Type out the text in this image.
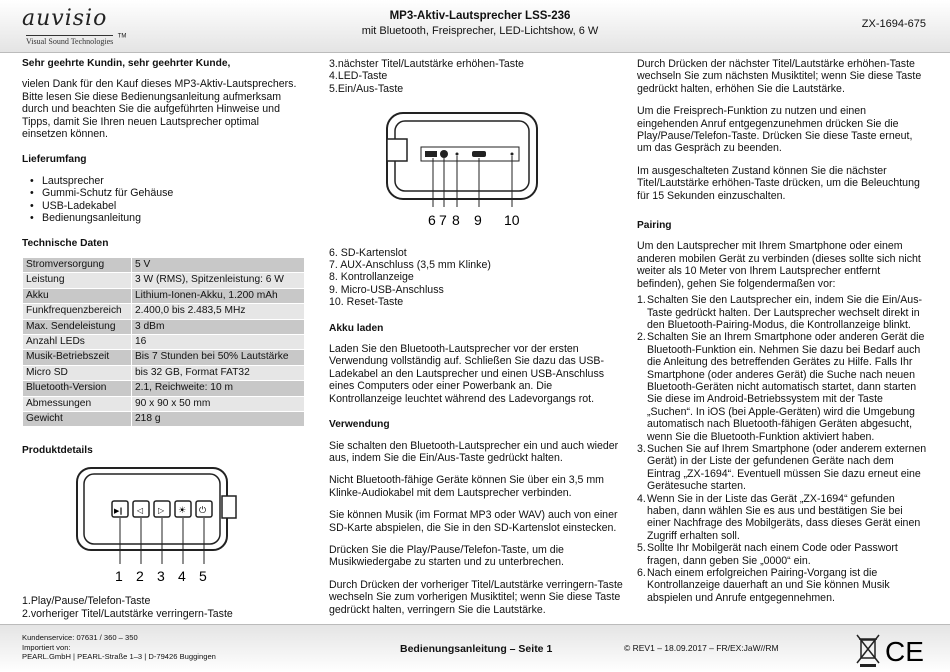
auvisio
Visual Sound Technologies ™
MP3-Aktiv-Lautsprecher LSS-236
mit Bluetooth, Freisprecher, LED-Lichtshow, 6 W
ZX-1694-675
Sehr geehrte Kundin, sehr geehrter Kunde,

vielen Dank für den Kauf dieses MP3-Aktiv-Lautsprechers. Bitte lesen Sie diese Bedienungsanleitung aufmerksam durch und beachten Sie die aufgeführten Hinweise und Tipps, damit Sie Ihren neuen Lautsprecher optimal einsetzen können.

Lieferumfang
• Lautsprecher
• Gummi-Schutz für Gehäuse
• USB-Ladekabel
• Bedienungsanleitung
Technische Daten
Stromversorgung	5 V
Leistung	3 W (RMS), Spitzenleistung: 6 W
Akku	Lithium-Ionen-Akku, 1.200 mAh
Funkfrequenzbereich	2.400,0 bis 2.483,5 MHz
Max. Sendeleistung	3 dBm
Anzahl LEDs	16
Musik-Betriebszeit	Bis 7 Stunden bei 50% Lautstärke
Micro SD	bis 32 GB, Format FAT32
Bluetooth-Version	2.1, Reichweite: 10 m
Abmessungen	90 x 90 x 50 mm
Gewicht	218 g
Produktdetails
▶‖ ◁ ▷ ☀ ⏻
1 2 3 4 5
1.Play/Pause/Telefon-Taste
2.vorheriger Titel/Lautstärke verringern-Taste
3.nächster Titel/Lautstärke erhöhen-Taste
4.LED-Taste
5.Ein/Aus-Taste
6 7 8 9 10
6. SD-Kartenslot
7. AUX-Anschluss (3,5 mm Klinke)
8. Kontrollanzeige
9. Micro-USB-Anschluss
10. Reset-Taste
Akku laden

Laden Sie den Bluetooth-Lautsprecher vor der ersten Verwendung vollständig auf. Schließen Sie dazu das USB-Ladekabel an den Lautsprecher und einen USB-Anschluss eines Computers oder einer Powerbank an. Die Kontrollanzeige leuchtet während des Ladevorgangs rot.

Verwendung

Sie schalten den Bluetooth-Lautsprecher ein und auch wieder aus, indem Sie die Ein/Aus-Taste gedrückt halten.

Nicht Bluetooth-fähige Geräte können Sie über ein 3,5 mm Klinke-Audiokabel mit dem Lautsprecher verbinden.

Sie können Musik (im Format MP3 oder WAV) auch von einer SD-Karte abspielen, die Sie in den SD-Kartenslot einstecken.

Drücken Sie die Play/Pause/Telefon-Taste, um die Musikwiedergabe zu starten und zu unterbrechen.

Durch Drücken der vorheriger Titel/Lautstärke verringern-Taste wechseln Sie zum vorherigen Musiktitel; wenn Sie diese Taste gedrückt halten, verringern Sie die Lautstärke.

Durch Drücken der nächster Titel/Lautstärke erhöhen-Taste wechseln Sie zum nächsten Musiktitel; wenn Sie diese Taste gedrückt halten, erhöhen Sie die Lautstärke.

Um die Freisprech-Funktion zu nutzen und einen eingehenden Anruf entgegenzunehmen drücken Sie die Play/Pause/Telefon-Taste. Drücken Sie diese Taste erneut, um das Gespräch zu beenden.

Im ausgeschalteten Zustand können Sie die nächster Titel/Lautstärke erhöhen-Taste drücken, um die Beleuchtung für 15 Sekunden einzuschalten.

Pairing

Um den Lautsprecher mit Ihrem Smartphone oder einem anderen mobilen Gerät zu verbinden (dieses sollte sich nicht weiter als 10 Meter von Ihrem Lautsprecher entfernt befinden), gehen Sie folgendermaßen vor:

1. Schalten Sie den Lautsprecher ein, indem Sie die Ein/Aus-Taste gedrückt halten. Der Lautsprecher wechselt direkt in den Bluetooth-Pairing-Modus, die Kontrollanzeige blinkt.
2. Schalten Sie an Ihrem Smartphone oder anderen Gerät die Bluetooth-Funktion ein. Nehmen Sie dazu bei Bedarf auch die Anleitung des betreffenden Gerätes zu Hilfe. Falls Ihr Smartphone (oder anderes Gerät) die Suche nach neuen Bluetooth-Geräten nicht automatisch startet, dann starten Sie diese im Android-Betriebssystem mit der Taste „Suchen“. In iOS (bei Apple-Geräten) wird die Umgebung automatisch nach Bluetooth-fähigen Geräten abgesucht, wenn Sie die Bluetooth-Funktion aktiviert haben.
3. Suchen Sie auf Ihrem Smartphone (oder anderem externen Gerät) in der Liste der gefundenen Geräte nach dem Eintrag „ZX-1694“. Eventuell müssen Sie dazu erneut eine Gerätesuche starten.
4. Wenn Sie in der Liste das Gerät „ZX-1694“ gefunden haben, dann wählen Sie es aus und bestätigen Sie bei einer Nachfrage des Mobilgeräts, dass dieses Gerät einen Zugriff erhalten soll.
5. Sollte Ihr Mobilgerät nach einem Code oder Passwort fragen, dann geben Sie „0000“ ein.
6. Nach einem erfolgreichen Pairing-Vorgang ist die Kontrollanzeige dauerhaft an und Sie können Musik abspielen und Anrufe entgegennehmen.
Kundenservice: 07631 / 360 – 350
Importiert von:
PEARL.GmbH | PEARL-Straße 1–3 | D-79426 Buggingen
Bedienungsanleitung – Seite 1	© REV1 – 18.09.2017 – FR/EX:JaW//RM	CE
